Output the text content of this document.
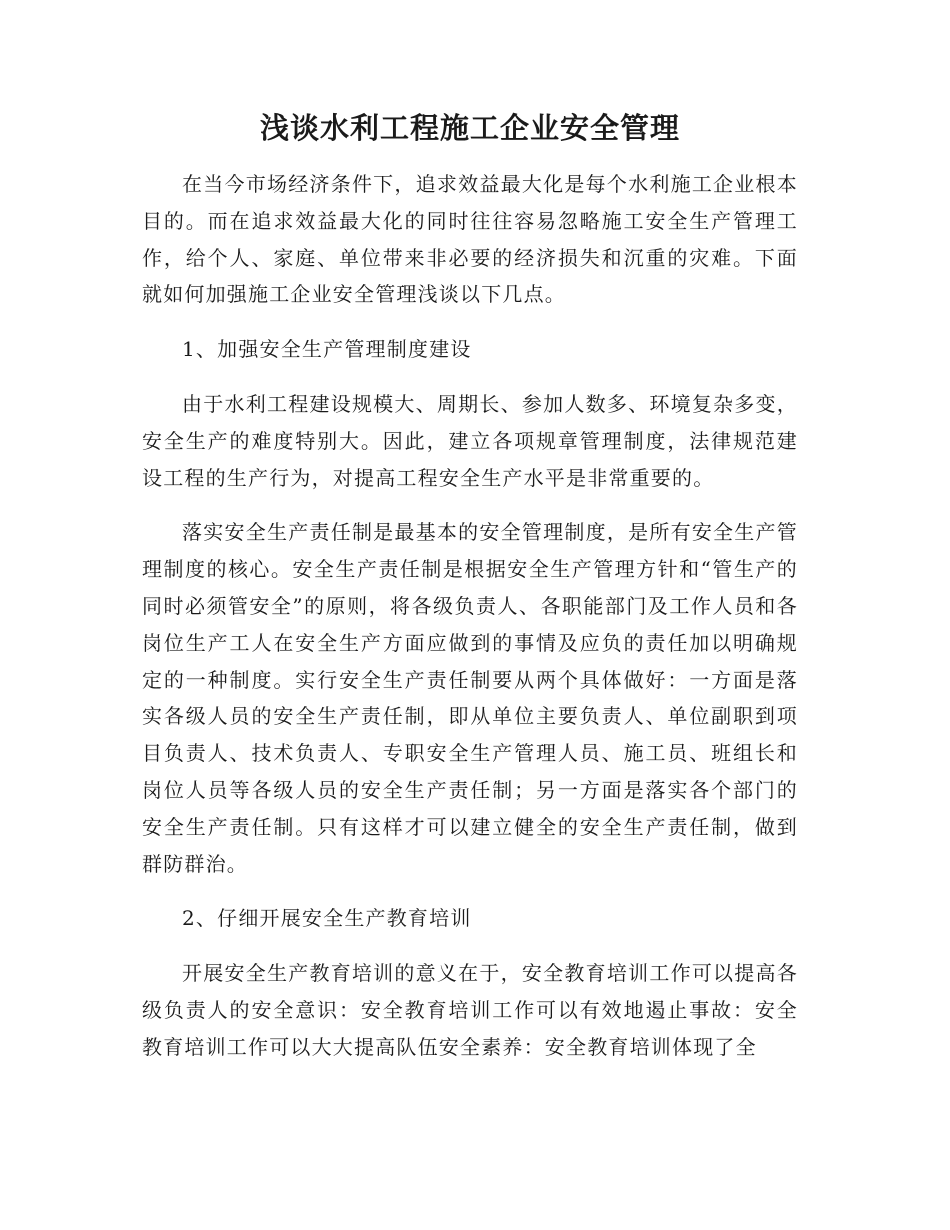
浅谈水利工程施工企业安全管理

在当今市场经济条件下，追求效益最大化是每个水利施工企业根本目的。而在追求效益最大化的同时往往容易忽略施工安全生产管理工作，给个人、家庭、单位带来非必要的经济损失和沉重的灾难。下面就如何加强施工企业安全管理浅谈以下几点。

1、加强安全生产管理制度建设

由于水利工程建设规模大、周期长、参加人数多、环境复杂多变，安全生产的难度特别大。因此，建立各项规章管理制度，法律规范建设工程的生产行为，对提高工程安全生产水平是非常重要的。

落实安全生产责任制是最基本的安全管理制度，是所有安全生产管理制度的核心。安全生产责任制是根据安全生产管理方针和“管生产的同时必须管安全”的原则，将各级负责人、各职能部门及工作人员和各岗位生产工人在安全生产方面应做到的事情及应负的责任加以明确规定的一种制度。实行安全生产责任制要从两个具体做好：一方面是落实各级人员的安全生产责任制，即从单位主要负责人、单位副职到项目负责人、技术负责人、专职安全生产管理人员、施工员、班组长和岗位人员等各级人员的安全生产责任制；另一方面是落实各个部门的安全生产责任制。只有这样才可以建立健全的安全生产责任制，做到群防群治。

2、仔细开展安全生产教育培训

开展安全生产教育培训的意义在于，安全教育培训工作可以提高各级负责人的安全意识：安全教育培训工作可以有效地遏止事故：安全教育培训工作可以大大提高队伍安全素养：安全教育培训体现了全
